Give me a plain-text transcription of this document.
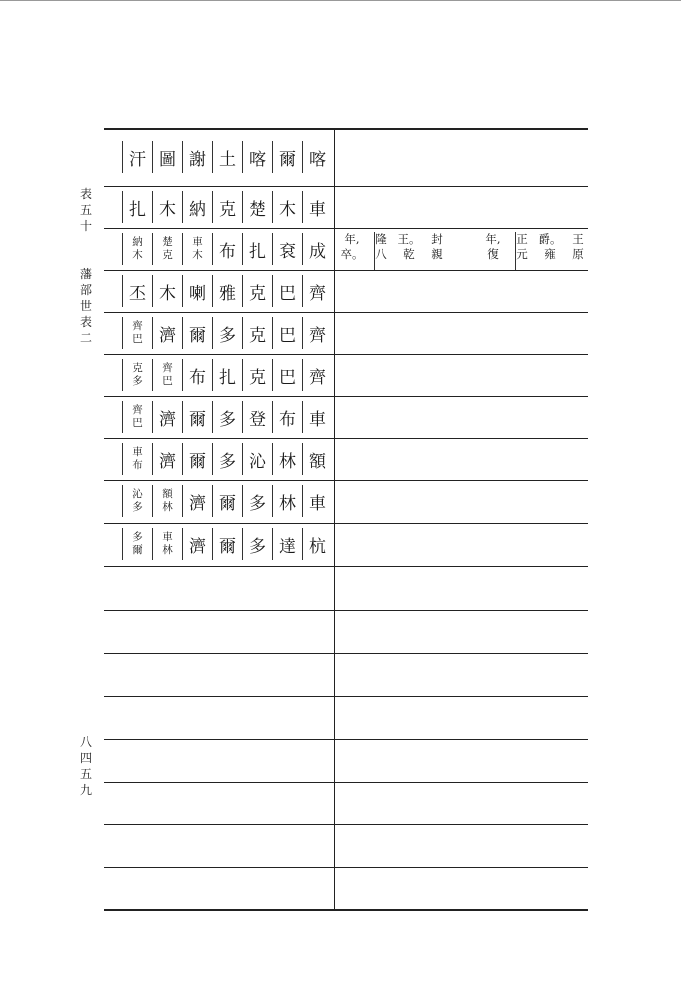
表
五
十
藩
部
世
表
二
八
四
五
九
喀
爾
喀
土
謝
圖
汗
車
木
楚
克
納
木
扎
成
袞
扎
布
車
木
楚
克
納
木
齊
巴
克
雅
喇
木
丕
齊
巴
克
多
爾
濟
齊
巴
齊
巴
克
扎
布
齊
巴
克
多
車
布
登
多
爾
濟
齊
巴
額
林
沁
多
爾
濟
車
布
車
林
多
爾
濟
額
林
沁
多
杭
達
多
爾
濟
車
林
多
爾
王
原
爵。
雍
正
元
年,
復
封
親
王。
乾
隆
八
年,
卒。
